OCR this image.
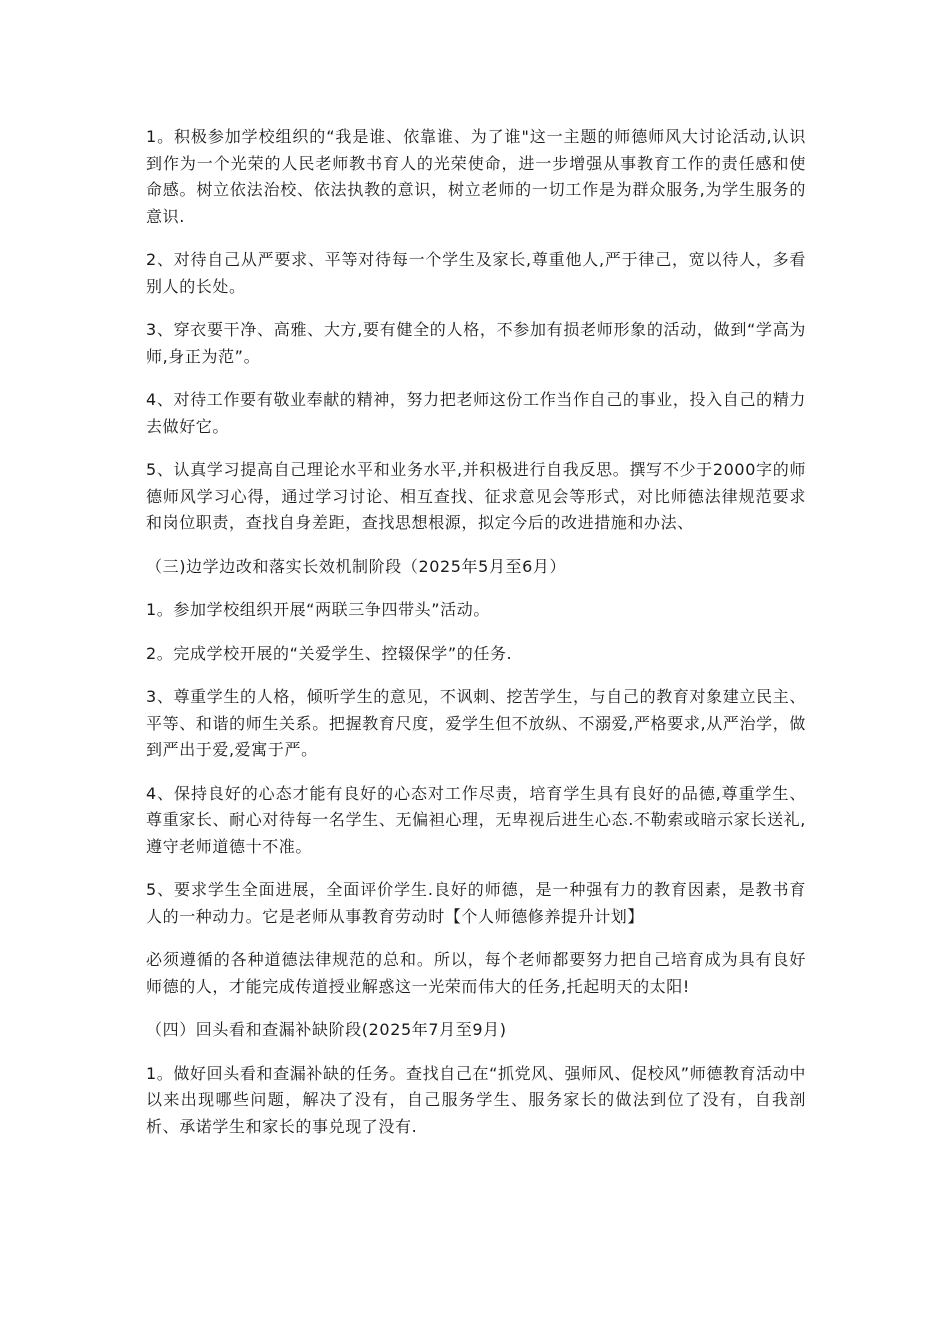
1。积极参加学校组织的“我是谁、依靠谁、为了谁"这一主题的师德师风大讨论活动,认识到作为一个光荣的人民老师教书育人的光荣使命，进一步增强从事教育工作的责任感和使命感。树立依法治校、依法执教的意识，树立老师的一切工作是为群众服务,为学生服务的意识.

2、对待自己从严要求、平等对待每一个学生及家长,尊重他人,严于律己，宽以待人，多看别人的长处。

3、穿衣要干净、高雅、大方,要有健全的人格，不参加有损老师形象的活动，做到“学高为师,身正为范”。

4、对待工作要有敬业奉献的精神，努力把老师这份工作当作自己的事业，投入自己的精力去做好它。

5、认真学习提高自己理论水平和业务水平,并积极进行自我反思。撰写不少于2000字的师德师风学习心得，通过学习讨论、相互查找、征求意见会等形式，对比师德法律规范要求和岗位职责，查找自身差距，查找思想根源，拟定今后的改进措施和办法、

（三)边学边改和落实长效机制阶段（2025年5月至6月）

1。参加学校组织开展“两联三争四带头”活动。

2。完成学校开展的“关爱学生、控辍保学”的任务.

3、尊重学生的人格，倾听学生的意见，不讽刺、挖苦学生，与自己的教育对象建立民主、平等、和谐的师生关系。把握教育尺度，爱学生但不放纵、不溺爱,严格要求,从严治学，做到严出于爱,爱寓于严。

4、保持良好的心态才能有良好的心态对工作尽责，培育学生具有良好的品德,尊重学生、尊重家长、耐心对待每一名学生、无偏袒心理，无卑视后进生心态.不勒索或暗示家长送礼,遵守老师道德十不准。

5、要求学生全面进展，全面评价学生.良好的师德，是一种强有力的教育因素，是教书育人的一种动力。它是老师从事教育劳动时【个人师德修养提升计划】

必须遵循的各种道德法律规范的总和。所以，每个老师都要努力把自己培育成为具有良好师德的人，才能完成传道授业解惑这一光荣而伟大的任务,托起明天的太阳!

（四）回头看和查漏补缺阶段(2025年7月至9月)

1。做好回头看和查漏补缺的任务。查找自己在“抓党风、强师风、促校风”师德教育活动中以来出现哪些问题，解决了没有，自己服务学生、服务家长的做法到位了没有，自我剖析、承诺学生和家长的事兑现了没有.
